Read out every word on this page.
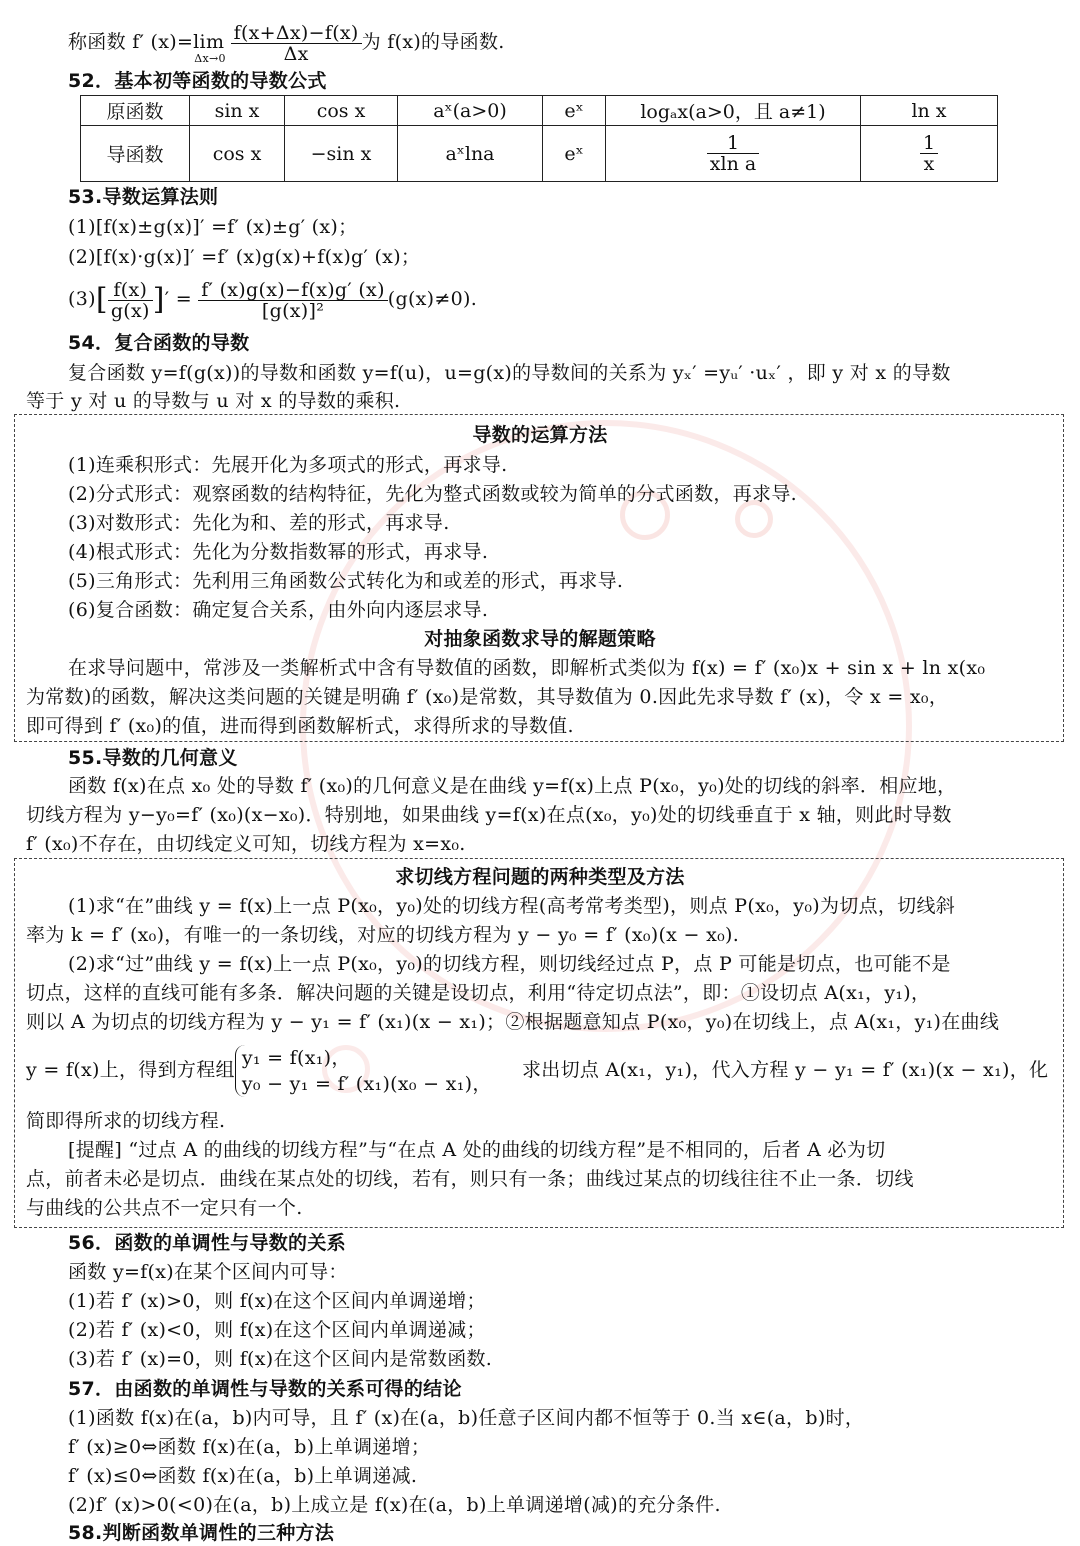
称函数 f′ $(x)=\lim\Delta x\to 0 \frac{f(x+\Delta x)-f(x)}{\Delta x}$ 为 f(x)的导函数.
52．基本初等函数的导数公式
原函数	sin x	cos x	aˣ(a>0)	eˣ	logₐx(a>0，且 a≠1)	ln x
导函数	cos x	−sin x	aˣlna	eˣ	$\frac{1}{\text{xln a}}$	$\frac{1}{x}$
53.导数运算法则
(1)[f(x)±g(x)]′ =f′ (x)±g′ (x)；
(2)[f(x)·g(x)]′ =f′ (x)g(x)+f(x)g′ (x)；
$(3)[ \frac{f(x)}{g(x)}$ ]′ = $\frac{f' (x)g(x)-f(x)g' (x)}{\text{[g(x)]²}} (g(x)\ne 0)$.
54．复合函数的导数
复合函数 y=f(g(x))的导数和函数 y=f(u)，u=g(x)的导数间的关系为 yₓ′ =yᵤ′ ·uₓ′ ，即 y 对 x 的导数
等于 y 对 u 的导数与 u 对 x 的导数的乘积.
导数的运算方法
(1)连乘积形式：先展开化为多项式的形式，再求导.
(2)分式形式：观察函数的结构特征，先化为整式函数或较为简单的分式函数，再求导.
(3)对数形式：先化为和、差的形式，再求导.
(4)根式形式：先化为分数指数幂的形式，再求导.
(5)三角形式：先利用三角函数公式转化为和或差的形式，再求导.
(6)复合函数：确定复合关系，由外向内逐层求导.
对抽象函数求导的解题策略
在求导问题中，常涉及一类解析式中含有导数值的函数，即解析式类似为 f(x) = f′ (x₀)x + sin x + ln x(x₀
为常数)的函数，解决这类问题的关键是明确 f′ (x₀)是常数，其导数值为 0.因此先求导数 f′ (x)，令 x = x₀，
即可得到 f′ (x₀)的值，进而得到函数解析式，求得所求的导数值.
55.导数的几何意义
函数 f(x)在点 x₀ 处的导数 f′ (x₀)的几何意义是在曲线 y=f(x)上点 P(x₀，y₀)处的切线的斜率．相应地，
切线方程为 y−y₀=f′ (x₀)(x−x₀)．特别地，如果曲线 y=f(x)在点(x₀，y₀)处的切线垂直于 x 轴，则此时导数
f′ (x₀)不存在，由切线定义可知，切线方程为 x=x₀.
求切线方程问题的两种类型及方法
(1)求“在”曲线 y = f(x)上一点 P(x₀，y₀)处的切线方程(高考常考类型)，则点 P(x₀，y₀)为切点，切线斜
率为 k = f′ (x₀)，有唯一的一条切线，对应的切线方程为 y − y₀ = f′ (x₀)(x − x₀).
(2)求“过”曲线 y = f(x)上一点 P(x₀，y₀)的切线方程，则切线经过点 P，点 P 可能是切点，也可能不是
切点，这样的直线可能有多条．解决问题的关键是设切点，利用“待定切点法”，即：①设切点 A(x₁，y₁)，
则以 A 为切点的切线方程为 y − y₁ = f′ (x₁)(x − x₁)；②根据题意知点 P(x₀，y₀)在切线上，点 A(x₁，y₁)在曲线
y = f(x)上，得到方程组
y₁ = f(x₁)，
y₀ − y₁ = f′ (x₁)(x₀ − x₁)，
求出切点 A(x₁，y₁)，代入方程 y − y₁ = f′ (x₁)(x − x₁)，化
简即得所求的切线方程.
[提醒] “过点 A 的曲线的切线方程”与“在点 A 处的曲线的切线方程”是不相同的，后者 A 必为切
点，前者未必是切点．曲线在某点处的切线，若有，则只有一条；曲线过某点的切线往往不止一条．切线
与曲线的公共点不一定只有一个.
56．函数的单调性与导数的关系
函数 y=f(x)在某个区间内可导：
(1)若 f′ (x)>0，则 f(x)在这个区间内单调递增；
(2)若 f′ (x)<0，则 f(x)在这个区间内单调递减；
(3)若 f′ (x)=0，则 f(x)在这个区间内是常数函数.
57．由函数的单调性与导数的关系可得的结论
(1)函数 f(x)在(a，b)内可导，且 f′ (x)在(a，b)任意子区间内都不恒等于 0.当 x∈(a，b)时，
f′ (x)≥0⇔函数 f(x)在(a，b)上单调递增；
f′ (x)≤0⇔函数 f(x)在(a，b)上单调递减.
(2)f′ (x)>0(<0)在(a，b)上成立是 f(x)在(a，b)上单调递增(减)的充分条件.
58.判断函数单调性的三种方法
